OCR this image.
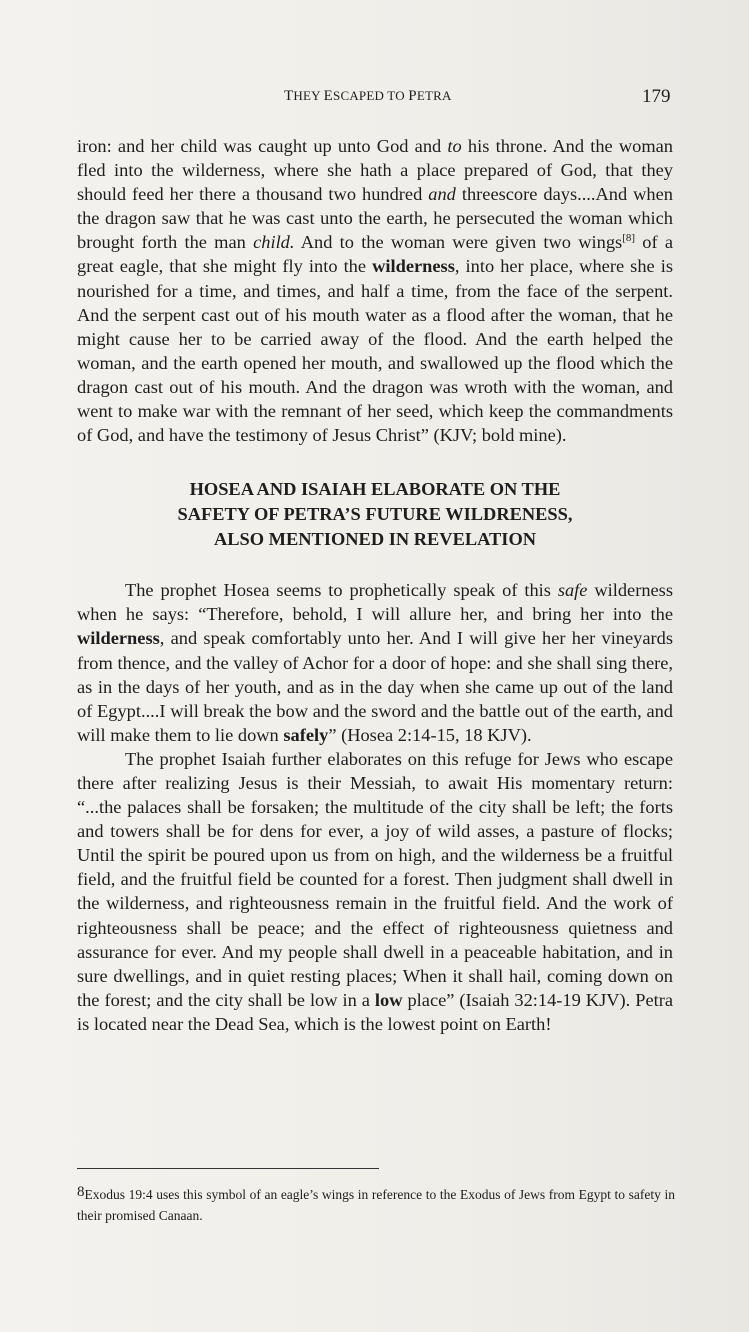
THEY ESCAPED TO PETRA	179

iron: and her child was caught up unto God and to his throne. And the woman fled into the wilderness, where she hath a place prepared of God, that they should feed her there a thousand two hundred and threescore days....And when the dragon saw that he was cast unto the earth, he persecuted the woman which brought forth the man child. And to the woman were given two wings[8] of a great eagle, that she might fly into the wilderness, into her place, where she is nourished for a time, and times, and half a time, from the face of the serpent. And the serpent cast out of his mouth water as a flood after the woman, that he might cause her to be carried away of the flood. And the earth helped the woman, and the earth opened her mouth, and swallowed up the flood which the dragon cast out of his mouth. And the dragon was wroth with the woman, and went to make war with the remnant of her seed, which keep the commandments of God, and have the testimony of Jesus Christ” (KJV; bold mine).

HOSEA AND ISAIAH ELABORATE ON THE
SAFETY OF PETRA’S FUTURE WILDRENESS,
ALSO MENTIONED IN REVELATION

The prophet Hosea seems to prophetically speak of this safe wilderness when he says: “Therefore, behold, I will allure her, and bring her into the wilderness, and speak comfortably unto her. And I will give her her vineyards from thence, and the valley of Achor for a door of hope: and she shall sing there, as in the days of her youth, and as in the day when she came up out of the land of Egypt....I will break the bow and the sword and the battle out of the earth, and will make them to lie down safely” (Hosea 2:14-15, 18 KJV).

The prophet Isaiah further elaborates on this refuge for Jews who escape there after realizing Jesus is their Messiah, to await His momentary return: “...the palaces shall be forsaken; the multitude of the city shall be left; the forts and towers shall be for dens for ever, a joy of wild asses, a pasture of flocks; Until the spirit be poured upon us from on high, and the wilderness be a fruitful field, and the fruitful field be counted for a forest. Then judgment shall dwell in the wilderness, and righteousness remain in the fruitful field. And the work of righteousness shall be peace; and the effect of righteousness quietness and assurance for ever. And my people shall dwell in a peaceable habitation, and in sure dwellings, and in quiet resting places; When it shall hail, coming down on the forest; and the city shall be low in a low place” (Isaiah 32:14-19 KJV). Petra is located near the Dead Sea, which is the lowest point on Earth!

8Exodus 19:4 uses this symbol of an eagle’s wings in reference to the Exodus of Jews from Egypt to safety in their promised Canaan.
